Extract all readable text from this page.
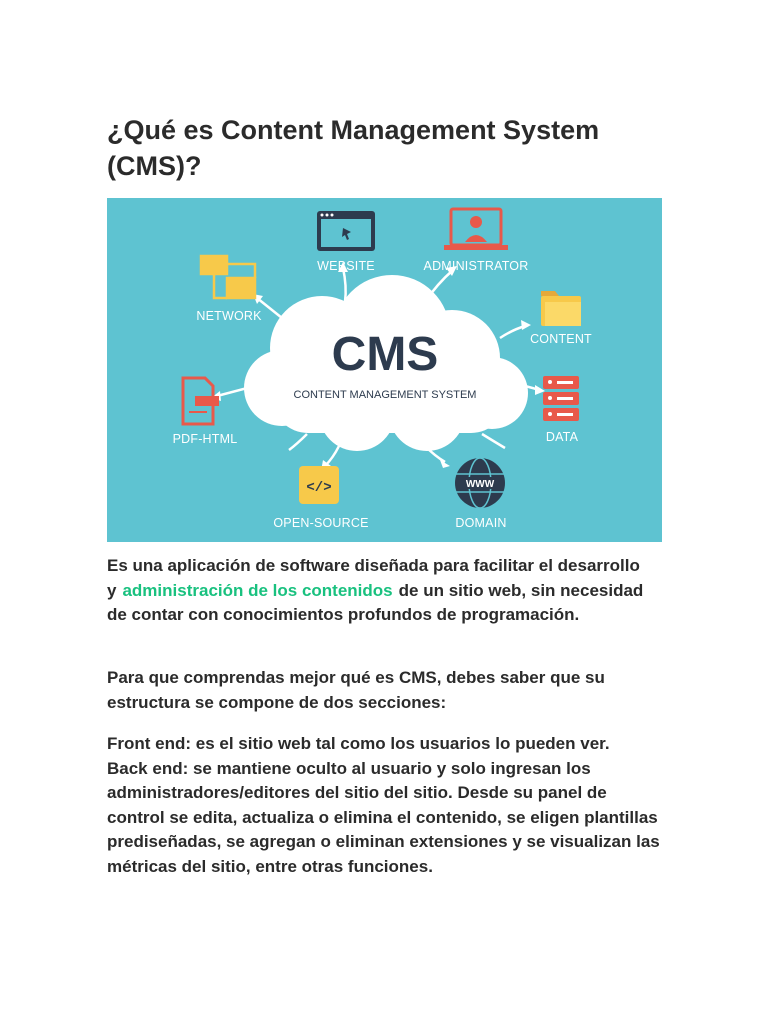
¿Qué es Content Management System (CMS)?
CMS
CONTENT MANAGEMENT SYSTEM
WEBSITE	ADMINISTRATOR
NETWORK
CONTENT
PDF-HTML	DATA
</>
OPEN-SOURCE
WWW
DOMAIN

Es una aplicación de software diseñada para facilitar el desarrollo y administración de los contenidos de un sitio web, sin necesidad de contar con conocimientos profundos de programación.

Para que comprendas mejor qué es CMS, debes saber que su estructura se compone de dos secciones:

Front end: es el sitio web tal como los usuarios lo pueden ver.
Back end: se mantiene oculto al usuario y solo ingresan los administradores/editores del sitio del sitio. Desde su panel de control se edita, actualiza o elimina el contenido, se eligen plantillas prediseñadas, se agregan o eliminan extensiones y se visualizan las métricas del sitio, entre otras funciones.
